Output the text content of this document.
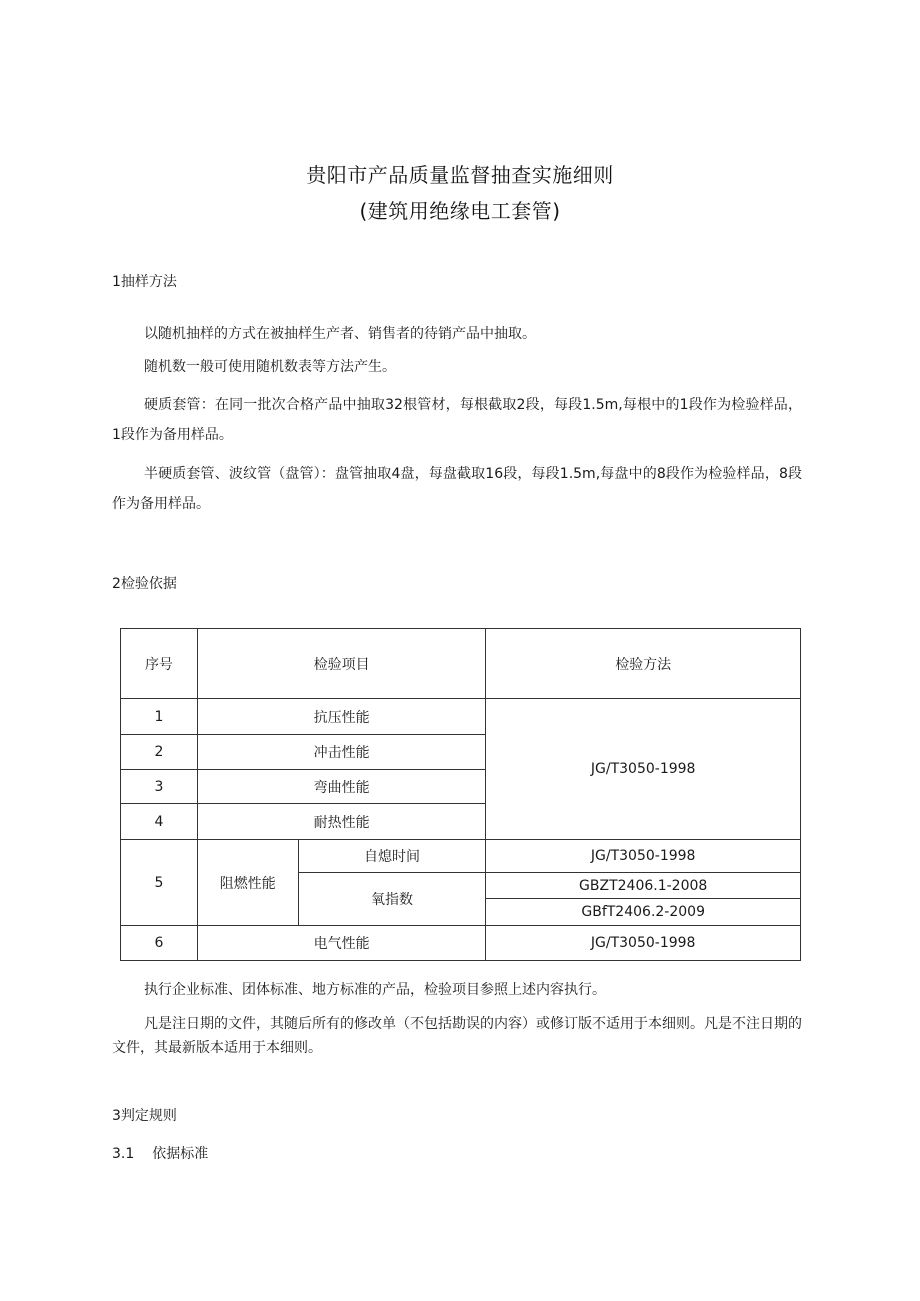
贵阳市产品质量监督抽查实施细则
(建筑用绝缘电工套管)
1抽样方法
以随机抽样的方式在被抽样生产者、销售者的待销产品中抽取。
随机数一般可使用随机数表等方法产生。
硬质套管：在同一批次合格产品中抽取32根管材，每根截取2段，每段1.5m,每根中的1段作为检验样品，1段作为备用样品。
半硬质套管、波纹管（盘管）：盘管抽取4盘，每盘截取16段，每段1.5m,每盘中的8段作为检验样品，8段作为备用样品。
2检验依据
序号	检验项目		检验方法
1	抗压性能		JG/T3050-1998
2	冲击性能		
3	弯曲性能		
4	耐热性能		
5	阻燃性能	自熄时间	JG/T3050-1998
		氧指数	GBZT2406.1-2008
			GBfT2406.2-2009
6	电气性能		JG/T3050-1998
执行企业标准、团体标准、地方标准的产品，检验项目参照上述内容执行。
凡是注日期的文件，其随后所有的修改单（不包括勘误的内容）或修订版不适用于本细则。凡是不注日期的文件，其最新版本适用于本细则。
3判定规则
3.1 依据标准
